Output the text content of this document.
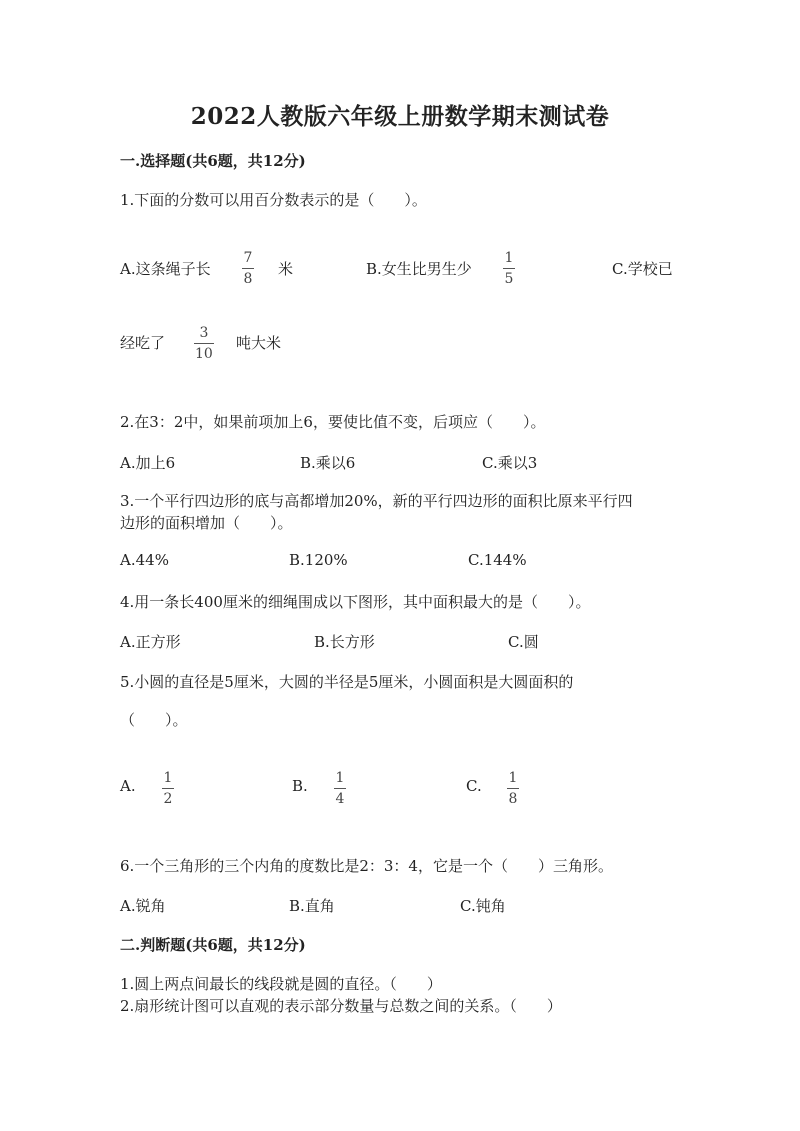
2022人教版六年级上册数学期末测试卷
一.选择题(共6题，共12分)
1.下面的分数可以用百分数表示的是（　　）。
A.这条绳子长
7
8
米	B.女生比男生少
1
5
C.学校已
经吃了
3
10
吨大米
2.在3：2中，如果前项加上6，要使比值不变，后项应（　　）。
A.加上6	B.乘以6	C.乘以3
3.一个平行四边形的底与高都增加20%，新的平行四边形的面积比原来平行四
边形的面积增加（　　）。
A.44%	B.120%	C.144%
4.用一条长400厘米的细绳围成以下图形，其中面积最大的是（　　）。
A.正方形	B.长方形	C.圆
5.小圆的直径是5厘米，大圆的半径是5厘米，小圆面积是大圆面积的
（　　）。
A. 1
2
B. 1
4
C. 1
8
6.一个三角形的三个内角的度数比是2：3：4，它是一个（　　）三角形。
A.锐角	B.直角	C.钝角
二.判断题(共6题，共12分)
1.圆上两点间最长的线段就是圆的直径。（　　）
2.扇形统计图可以直观的表示部分数量与总数之间的关系。（　　）
